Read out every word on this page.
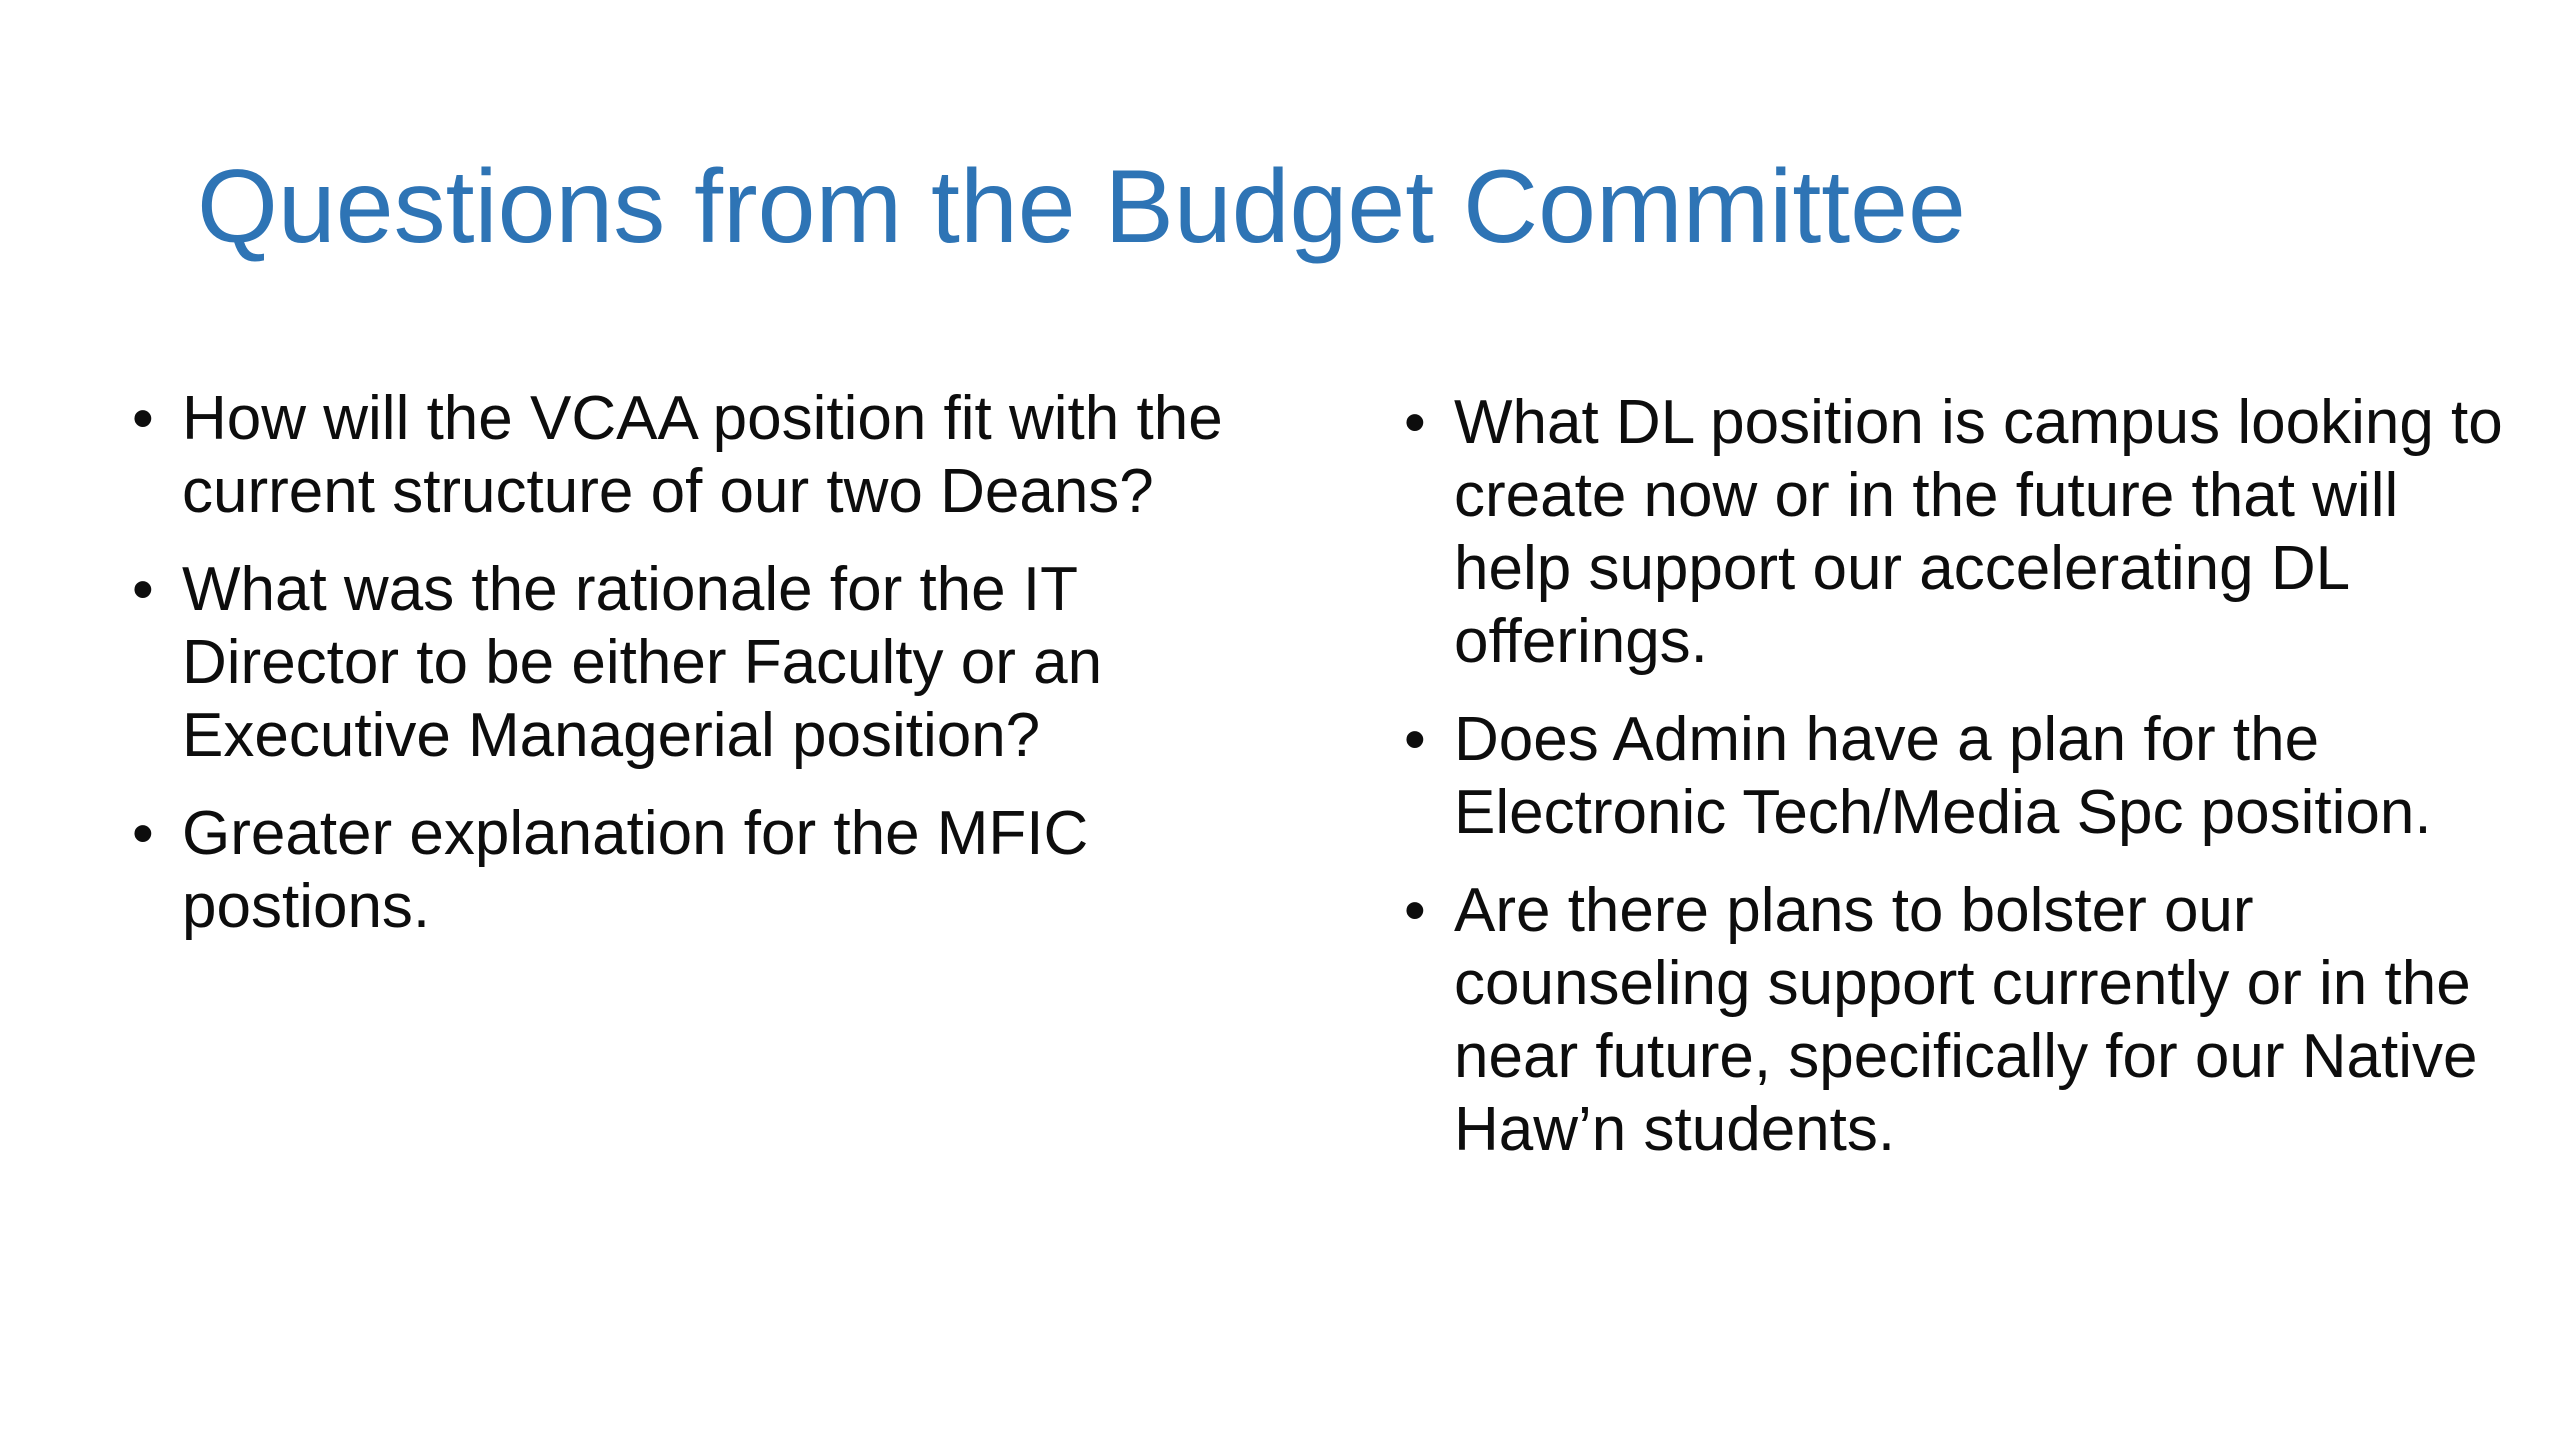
Questions from the Budget Committee
• How will the VCAA position fit with the current structure of our two Deans?
• What was the rationale for the IT Director to be either Faculty or an Executive Managerial position?
• Greater explanation for the MFIC postions.
• What DL position is campus looking to create now or in the future that will help support our accelerating DL offerings.
• Does Admin have a plan for the Electronic Tech/Media Spc position.
• Are there plans to bolster our counseling support currently or in the near future, specifically for our Native Haw’n students.
